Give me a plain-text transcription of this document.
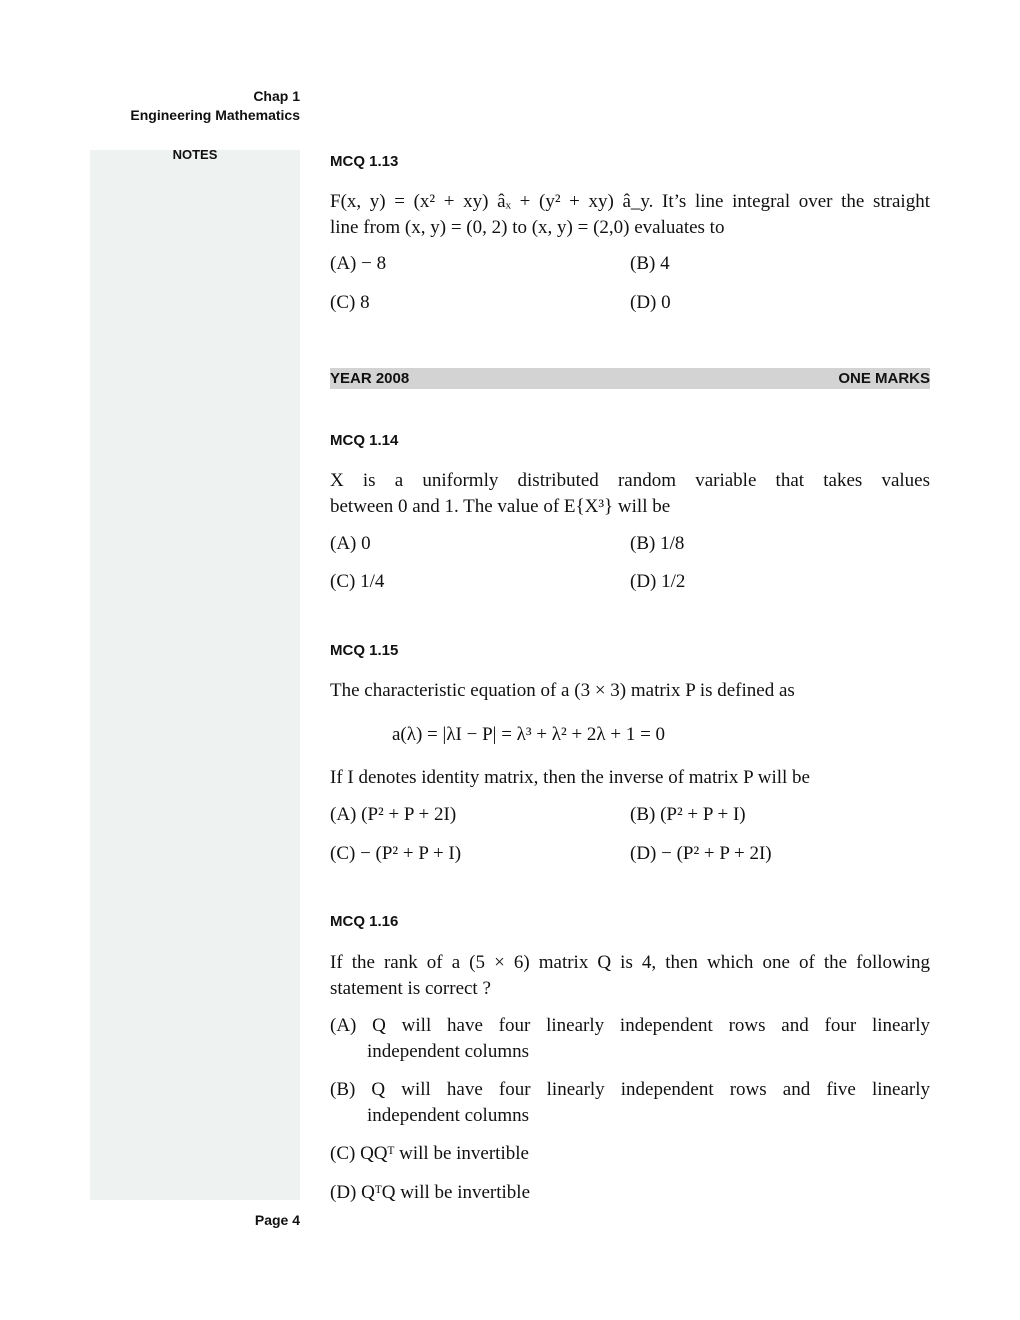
Chap 1
Engineering Mathematics
NOTES	MCQ 1.13
F(x, y) = (x² + xy) âₓ + (y² + xy) â_y. It’s line integral over the straight
line from (x, y) = (0, 2) to (x, y) = (2,0) evaluates to
(A) − 8	(B) 4
(C) 8	(D) 0
YEAR 2008	ONE MARKS
MCQ 1.14
X is a uniformly distributed random variable that takes values
between 0 and 1. The value of E{X³} will be
(A) 0	(B) 1/8
(C) 1/4	(D) 1/2
MCQ 1.15
The characteristic equation of a (3 × 3) matrix P is defined as
a(λ) = |λI − P| = λ³ + λ² + 2λ + 1 = 0
If I denotes identity matrix, then the inverse of matrix P will be
(A) (P² + P + 2I)	(B) (P² + P + I)
(C) − (P² + P + I)	(D) − (P² + P + 2I)
MCQ 1.16
If the rank of a (5 × 6) matrix Q is 4, then which one of the following
statement is correct ?
(A) Q will have four linearly independent rows and four linearly
independent columns
(B) Q will have four linearly independent rows and five linearly
independent columns
(C) QQᵀ will be invertible
(D) QᵀQ will be invertible
Page 4
